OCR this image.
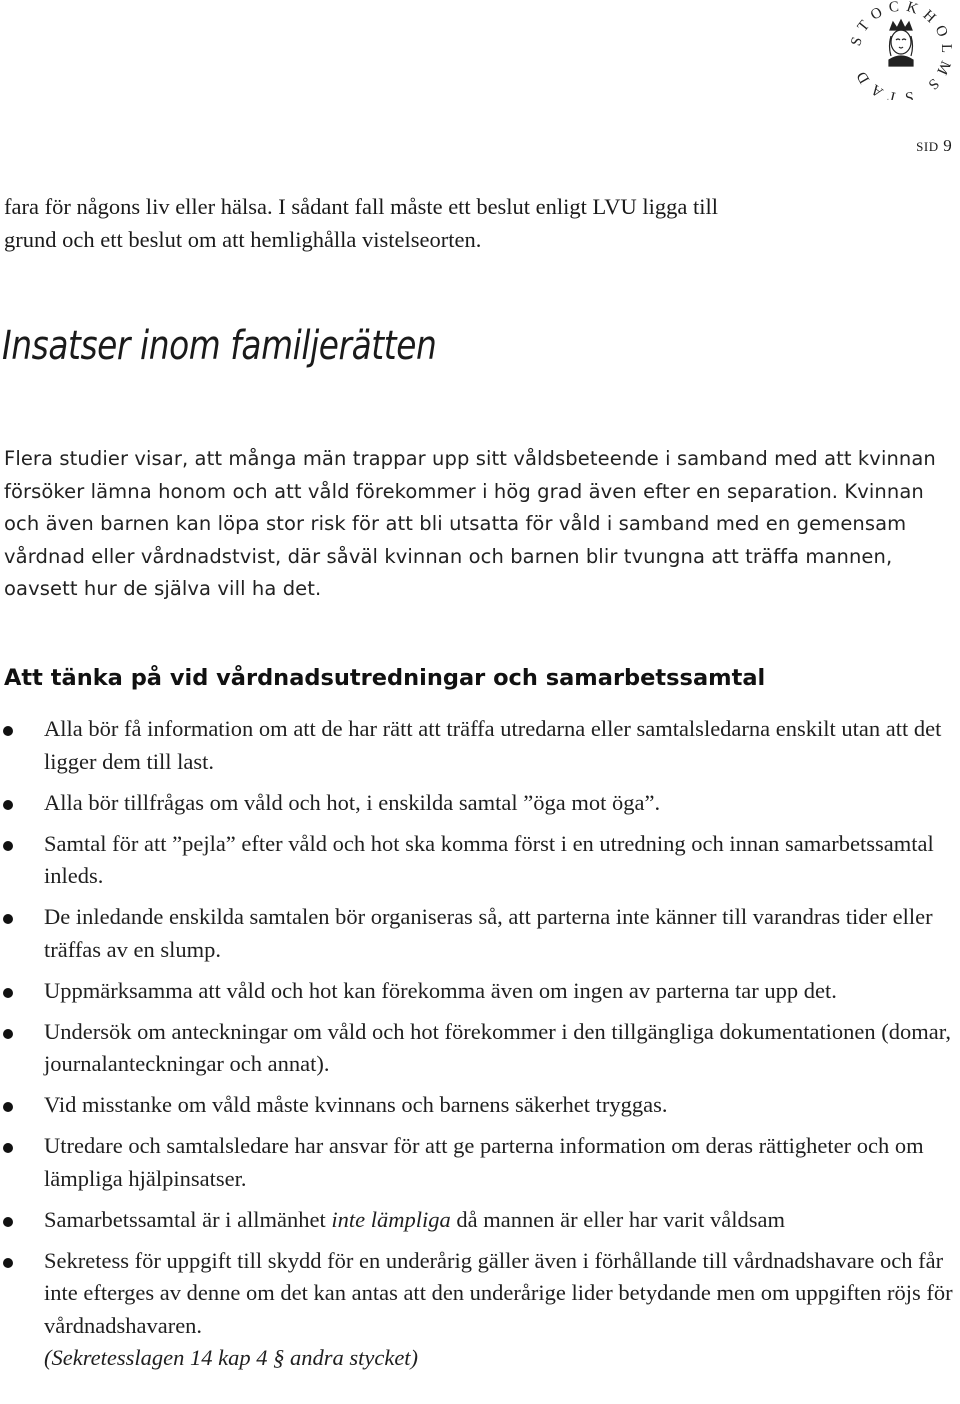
STOCKHOLMS STAD
SID 9

fara för någons liv eller hälsa. I sådant fall måste ett beslut enligt LVU ligga till

grund och ett beslut om att hemlighålla vistelseorten.

Insatser inom familjerätten

Flera studier visar, att många män trappar upp sitt våldsbeteende i samband med att kvinnan försöker lämna honom och att våld förekommer i hög grad även efter en separation. Kvinnan och även barnen kan löpa stor risk för att bli utsatta för våld i samband med en gemensam vårdnad eller vårdnadstvist, där såväl kvinnan och barnen blir tvungna att träffa mannen, oavsett hur de själva vill ha det.

Att tänka på vid vårdnadsutredningar och samarbetssamtal
Alla bör få information om att de har rätt att träffa utredarna eller samtalsledarna enskilt utan att det ligger dem till last.
Alla bör tillfrågas om våld och hot, i enskilda samtal ”öga mot öga”.
Samtal för att ”pejla” efter våld och hot ska komma först i en utredning och innan samarbetssamtal inleds.
De inledande enskilda samtalen bör organiseras så, att parterna inte känner till varandras tider eller träffas av en slump.
Uppmärksamma att våld och hot kan förekomma även om ingen av parterna tar upp det.
Undersök om anteckningar om våld och hot förekommer i den tillgängliga dokumentationen (domar, journalanteckningar och annat).
Vid misstanke om våld måste kvinnans och barnens säkerhet tryggas.
Utredare och samtalsledare har ansvar för att ge parterna information om deras rättigheter och om lämpliga hjälpinsatser.
Samarbetssamtal är i allmänhet inte lämpliga då mannen är eller har varit våldsam
Sekretess för uppgift till skydd för en underårig gäller även i förhållande till vårdnadshavare och får inte efterges av denne om det kan antas att den underårige lider betydande men om uppgiften röjs för vårdnadshavaren.
(Sekretesslagen 14 kap 4 § andra stycket)
